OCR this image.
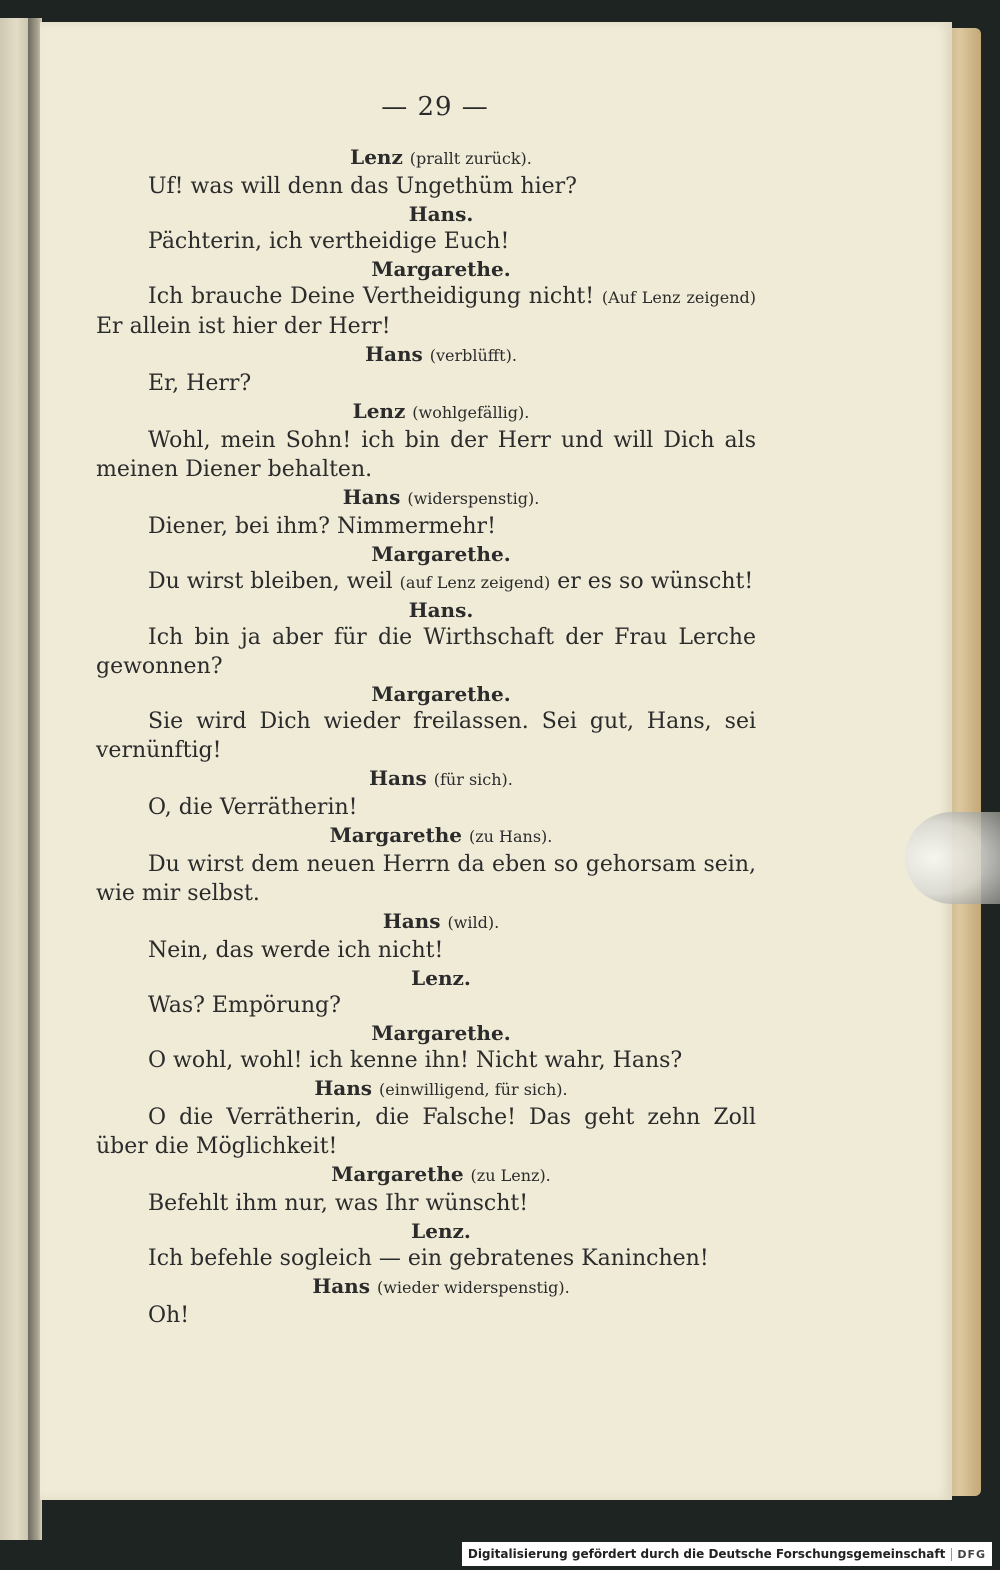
— 29 —
Lenz (prallt zurück).
Uf! was will denn das Ungethüm hier?
Hans.
Pächterin, ich vertheidige Euch!
Margarethe.
Ich brauche Deine Vertheidigung nicht! (Auf Lenz zeigend) Er allein ist hier der Herr!
Hans (verblüfft).
Er, Herr?
Lenz (wohlgefällig).
Wohl, mein Sohn! ich bin der Herr und will Dich als meinen Diener behalten.
Hans (widerspenstig).
Diener, bei ihm? Nimmermehr!
Margarethe.
Du wirst bleiben, weil (auf Lenz zeigend) er es so wünscht!
Hans.
Ich bin ja aber für die Wirthschaft der Frau Lerche gewonnen?
Margarethe.
Sie wird Dich wieder freilassen. Sei gut, Hans, sei vernünftig!
Hans (für sich).
O, die Verrätherin!
Margarethe (zu Hans).
Du wirst dem neuen Herrn da eben so gehorsam sein, wie mir selbst.
Hans (wild).
Nein, das werde ich nicht!
Lenz.
Was? Empörung?
Margarethe.
O wohl, wohl! ich kenne ihn! Nicht wahr, Hans?
Hans (einwilligend, für sich).
O die Verrätherin, die Falsche! Das geht zehn Zoll über die Möglichkeit!
Margarethe (zu Lenz).
Befehlt ihm nur, was Ihr wünscht!
Lenz.
Ich befehle sogleich — ein gebratenes Kaninchen!
Hans (wieder widerspenstig).
Oh!
Digitalisierung gefördert durch die Deutsche Forschungsgemeinschaft	DFG
